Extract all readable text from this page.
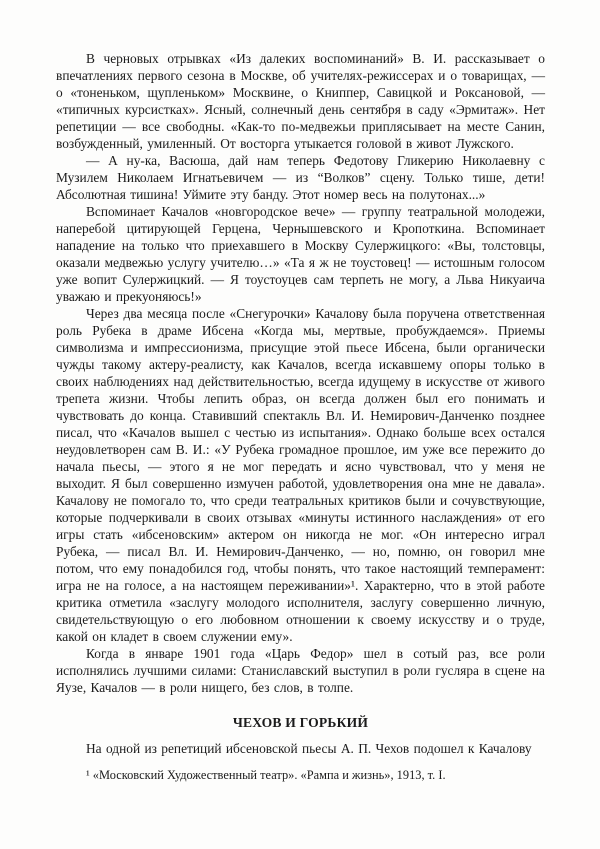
В черновых отрывках «Из далеких воспоминаний» В. И. рассказывает о впечатлениях первого сезона в Москве, об учителях-режиссерах и о товарищах, — о «тоненьком, щупленьком» Москвине, о Книппер, Савицкой и Роксановой, — «типичных курсистках». Ясный, солнечный день сентября в саду «Эрмитаж». Нет репетиции — все свободны. «Как-то по-медвежьи приплясывает на месте Санин, возбужденный, умиленный. От восторга утыкается головой в живот Лужского.

— А ну-ка, Васюша, дай нам теперь Федотову Гликерию Николаевну с Музилем Николаем Игнатьевичем — из “Волков” сцену. Только тише, дети! Абсолютная тишина! Уймите эту банду. Этот номер весь на полутонах...»

Вспоминает Качалов «новгородское вече» — группу театральной молодежи, наперебой цитирующей Герцена, Чернышевского и Кропоткина. Вспоминает нападение на только что приехавшего в Москву Сулержицкого: «Вы, толстовцы, оказали медвежью услугу учителю…» «Та я ж не тоустовец! — истошным голосом уже вопит Сулержицкий. — Я тоустоуцев сам терпеть не могу, а Льва Никуаича уважаю и прекуоняюсь!»

Через два месяца после «Снегурочки» Качалову была поручена ответственная роль Рубека в драме Ибсена «Когда мы, мертвые, пробуждаемся». Приемы символизма и импрессионизма, присущие этой пьесе Ибсена, были органически чужды такому актеру-реалисту, как Качалов, всегда искавшему опоры только в своих наблюдениях над действительностью, всегда идущему в искусстве от живого трепета жизни. Чтобы лепить образ, он всегда должен был его понимать и чувствовать до конца. Ставивший спектакль Вл. И. Немирович-Данченко позднее писал, что «Качалов вышел с честью из испытания». Однако больше всех остался неудовлетворен сам В. И.: «У Рубека громадное прошлое, им уже все пережито до начала пьесы, — этого я не мог передать и ясно чувствовал, что у меня не выходит. Я был совершенно измучен работой, удовлетворения она мне не давала». Качалову не помогало то, что среди театральных критиков были и сочувствующие, которые подчеркивали в своих отзывах «минуты истинного наслаждения» от его игры стать «ибсеновским» актером он никогда не мог. «Он интересно играл Рубека, — писал Вл. И. Немирович-Данченко, — но, помню, он говорил мне потом, что ему понадобился год, чтобы понять, что такое настоящий темперамент: игра не на голосе, а на настоящем переживании»¹. Характерно, что в этой работе критика отметила «заслугу молодого исполнителя, заслугу совершенно личную, свидетельствующую о его любовном отношении к своему искусству и о труде, какой он кладет в своем служении ему».

Когда в январе 1901 года «Царь Федор» шел в сотый раз, все роли исполнялись лучшими силами: Станиславский выступил в роли гусляра в сцене на Яузе, Качалов — в роли нищего, без слов, в толпе.

ЧЕХОВ И ГОРЬКИЙ

На одной из репетиций ибсеновской пьесы А. П. Чехов подошел к Качалову

¹ «Московский Художественный театр». «Рампа и жизнь», 1913, т. I.
